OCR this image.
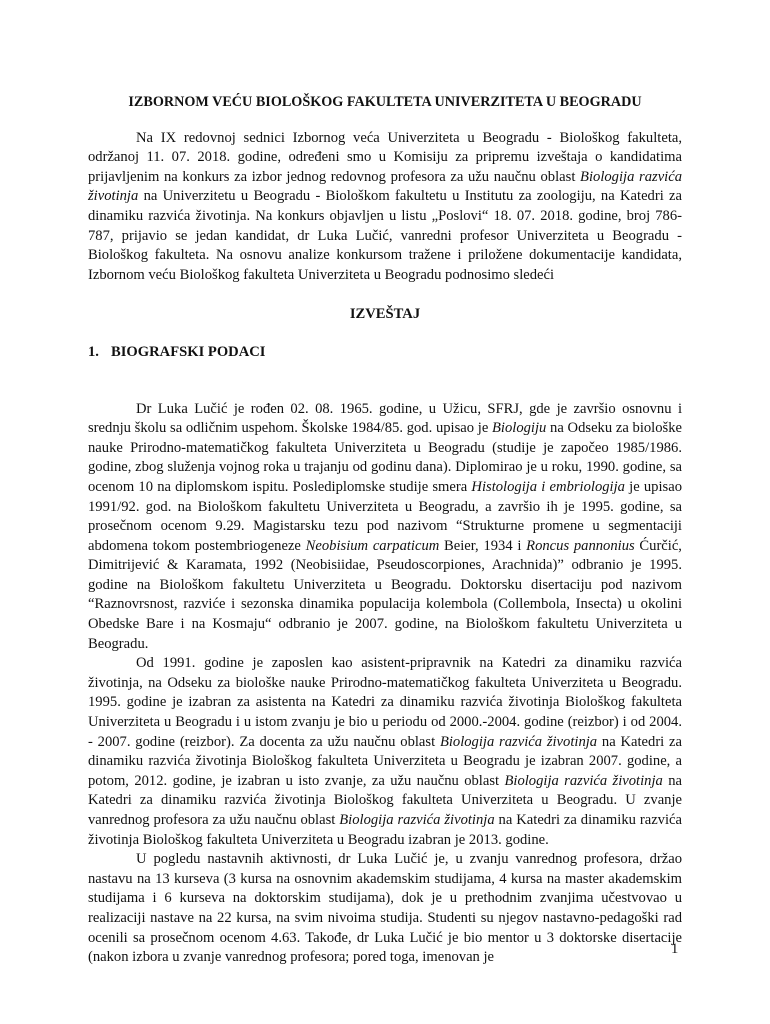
IZBORNOM VEĆU BIOLOŠKOG FAKULTETA UNIVERZITETA U BEOGRADU

Na IX redovnoj sednici Izbornog veća Univerziteta u Beogradu - Biološkog fakulteta, održanoj 11. 07. 2018. godine, određeni smo u Komisiju za pripremu izveštaja o kandidatima prijavljenim na konkurs za izbor jednog redovnog profesora za užu naučnu oblast Biologija razvića životinja na Univerzitetu u Beogradu - Biološkom fakultetu u Institutu za zoologiju, na Katedri za dinamiku razvića životinja. Na konkurs objavljen u listu „Poslovi“ 18. 07. 2018. godine, broj 786-787, prijavio se jedan kandidat, dr Luka Lučić, vanredni profesor Univerziteta u Beogradu - Biološkog fakulteta. Na osnovu analize konkursom tražene i priložene dokumentacije kandidata, Izbornom veću Biološkog fakulteta Univerziteta u Beogradu podnosimo sledeći

IZVEŠTAJ
1. BIOGRAFSKI PODACI

Dr Luka Lučić je rođen 02. 08. 1965. godine, u Užicu, SFRJ, gde je završio osnovnu i srednju školu sa odličnim uspehom. Školske 1984/85. god. upisao je Biologiju na Odseku za biološke nauke Prirodno-matematičkog fakulteta Univerziteta u Beogradu (studije je započeo 1985/1986. godine, zbog služenja vojnog roka u trajanju od godinu dana). Diplomirao je u roku, 1990. godine, sa ocenom 10 na diplomskom ispitu. Poslediplomske studije smera Histologija i embriologija je upisao 1991/92. god. na Biološkom fakultetu Univerziteta u Beogradu, a završio ih je 1995. godine, sa prosečnom ocenom 9.29. Magistarsku tezu pod nazivom “Strukturne promene u segmentaciji abdomena tokom postembriogeneze Neobisium carpaticum Beier, 1934 i Roncus pannonius Ćurčić, Dimitrijević & Karamata, 1992 (Neobisiidae, Pseudoscorpiones, Arachnida)” odbranio je 1995. godine na Biološkom fakultetu Univerziteta u Beogradu. Doktorsku disertaciju pod nazivom “Raznovrsnost, razviće i sezonska dinamika populacija kolembola (Collembola, Insecta) u okolini Obedske Bare i na Kosmaju“ odbranio je 2007. godine, na Biološkom fakultetu Univerziteta u Beogradu.

Od 1991. godine je zaposlen kao asistent-pripravnik na Katedri za dinamiku razvića životinja, na Odseku za biološke nauke Prirodno-matematičkog fakulteta Univerziteta u Beogradu. 1995. godine je izabran za asistenta na Katedri za dinamiku razvića životinja Biološkog fakulteta Univerziteta u Beogradu i u istom zvanju je bio u periodu od 2000.-2004. godine (reizbor) i od 2004. - 2007. godine (reizbor). Za docenta za užu naučnu oblast Biologija razvića životinja na Katedri za dinamiku razvića životinja Biološkog fakulteta Univerziteta u Beogradu je izabran 2007. godine, a potom, 2012. godine, je izabran u isto zvanje, za užu naučnu oblast Biologija razvića životinja na Katedri za dinamiku razvića životinja Biološkog fakulteta Univerziteta u Beogradu. U zvanje vanrednog profesora za užu naučnu oblast Biologija razvića životinja na Katedri za dinamiku razvića životinja Biološkog fakulteta Univerziteta u Beogradu izabran je 2013. godine.

U pogledu nastavnih aktivnosti, dr Luka Lučić je, u zvanju vanrednog profesora, držao nastavu na 13 kurseva (3 kursa na osnovnim akademskim studijama, 4 kursa na master akademskim studijama i 6 kurseva na doktorskim studijama), dok je u prethodnim zvanjima učestvovao u realizaciji nastave na 22 kursa, na svim nivoima studija. Studenti su njegov nastavno-pedagoški rad ocenili sa prosečnom ocenom 4.63. Takođe, dr Luka Lučić je bio mentor u 3 doktorske disertacije (nakon izbora u zvanje vanrednog profesora; pored toga, imenovan je

1
